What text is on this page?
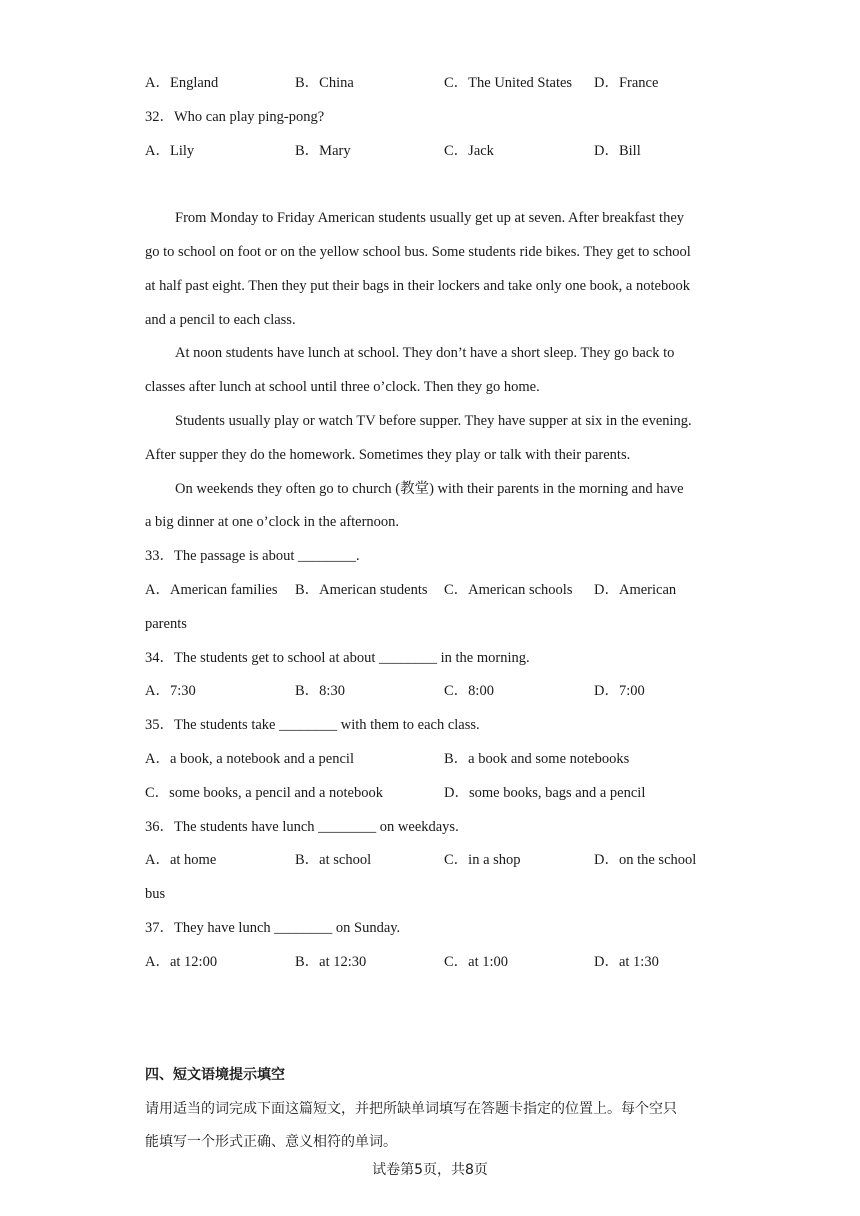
A．England	B．China	C．The United States D．France
32．Who can play ping-pong?
A．Lily	B．Mary	C．Jack	D．Bill
From Monday to Friday American students usually get up at seven. After breakfast they
go to school on foot or on the yellow school bus. Some students ride bikes. They get to school
at half past eight. Then they put their bags in their lockers and take only one book, a notebook
and a pencil to each class.
At noon students have lunch at school. They don’t have a short sleep. They go back to
classes after lunch at school until three o’clock. Then they go home.
Students usually play or watch TV before supper. They have supper at six in the evening.
After supper they do the homework. Sometimes they play or talk with their parents.
On weekends they often go to church (教堂) with their parents in the morning and have
a big dinner at one o’clock in the afternoon.
33．The passage is about ________.
A．American families B．American students C．American schools D．American
parents
34．The students get to school at about ________ in the morning.
A．7:30	B．8:30	C．8:00	D．7:00
35．The students take ________ with them to each class.
A．a book, a notebook and a pencil	B．a book and some notebooks
C．some books, a pencil and a notebook	D．some books, bags and a pencil
36．The students have lunch ________ on weekdays.
A．at home	B．at school	C．in a shop	D．on the school
bus
37．They have lunch ________ on Sunday.
A．at 12:00	B．at 12:30	C．at 1:00	D．at 1:30
四、短文语境提示填空
请用适当的词完成下面这篇短文，并把所缺单词填写在答题卡指定的位置上。每个空只
能填写一个形式正确、意义相符的单词。
试卷第5页，共8页
